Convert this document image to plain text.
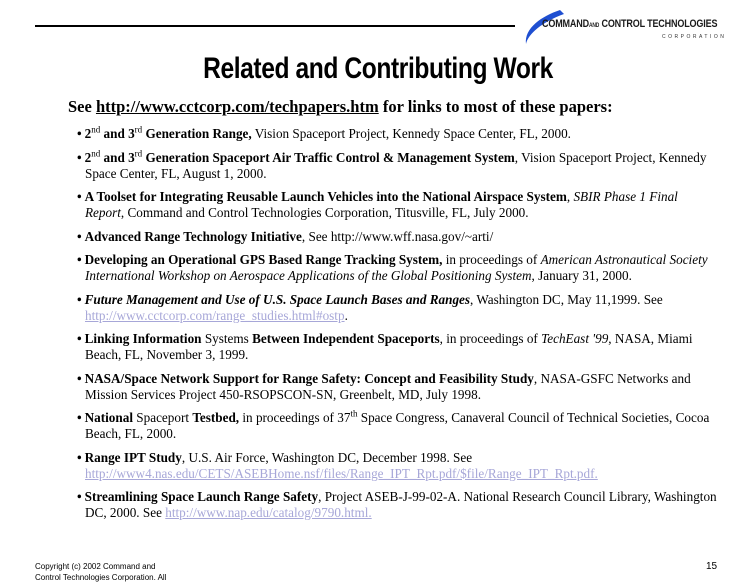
COMMANDAND CONTROL TECHNOLOGIES
CORPORATION
Related and Contributing Work
See http://www.cctcorp.com/techpapers.htm for links to most of these papers:
• 2nd and 3rd Generation Range, Vision Spaceport Project, Kennedy Space Center, FL, 2000.
• 2nd and 3rd Generation Spaceport Air Traffic Control & Management System, Vision Spaceport Project, Kennedy Space Center, FL, August 1, 2000.
• A Toolset for Integrating Reusable Launch Vehicles into the National Airspace System, SBIR Phase 1 Final Report, Command and Control Technologies Corporation, Titusville, FL, July 2000.
• Advanced Range Technology Initiative, See http://www.wff.nasa.gov/~arti/
• Developing an Operational GPS Based Range Tracking System, in proceedings of American Astronautical Society International Workshop on Aerospace Applications of the Global Positioning System, January 31, 2000.
• Future Management and Use of U.S. Space Launch Bases and Ranges, Washington DC, May 11,1999. See http://www.cctcorp.com/range_studies.html#ostp.
• Linking Information Systems Between Independent Spaceports, in proceedings of TechEast '99, NASA, Miami Beach, FL, November 3, 1999.
• NASA/Space Network Support for Range Safety: Concept and Feasibility Study, NASA-GSFC Networks and Mission Services Project 450-RSOPSCON-SN, Greenbelt, MD, July 1998.
• National Spaceport Testbed, in proceedings of 37th Space Congress, Canaveral Council of Technical Societies, Cocoa Beach, FL, 2000.
• Range IPT Study, U.S. Air Force, Washington DC, December 1998. See http://www4.nas.edu/CETS/ASEBHome.nsf/files/Range_IPT_Rpt.pdf/$file/Range_IPT_Rpt.pdf.
• Streamlining Space Launch Range Safety, Project ASEB-J-99-02-A. National Research Council Library, Washington DC, 2000. See http://www.nap.edu/catalog/9790.html.
Copyright (c) 2002 Command and Control Technologies Corporation. All
15
